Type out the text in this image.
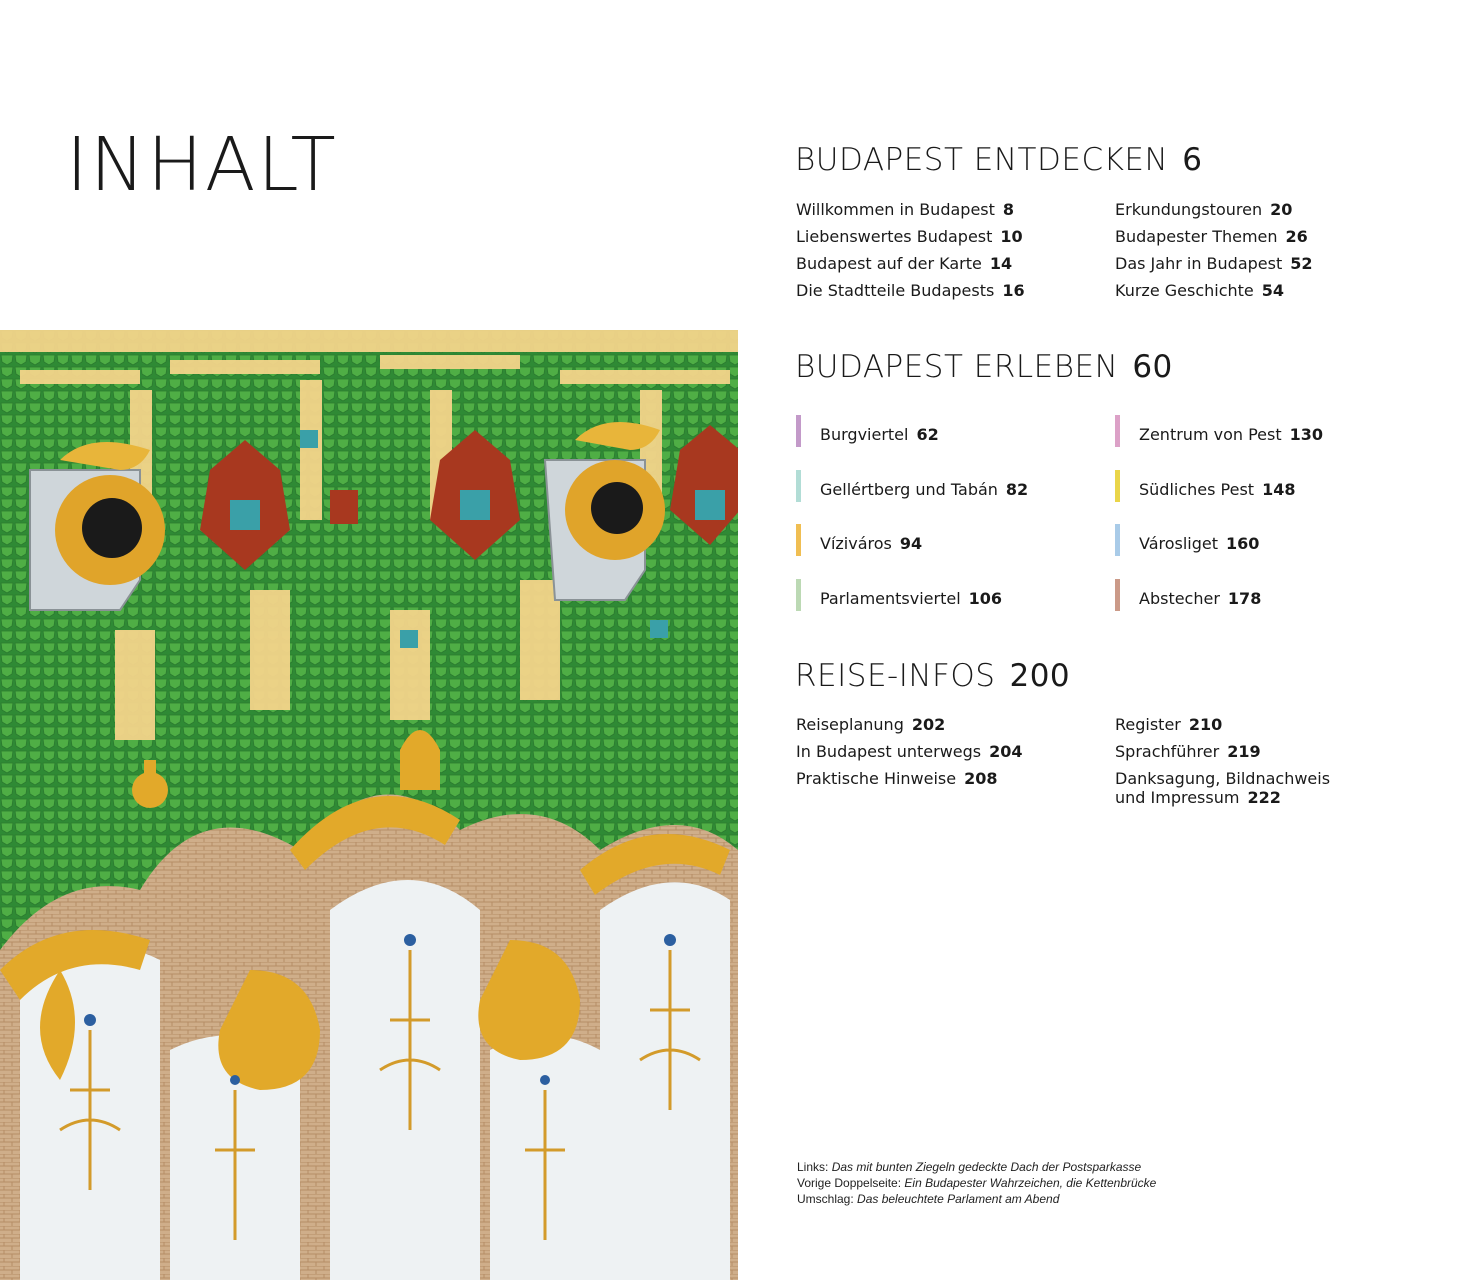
INHALT	BUDAPEST ENTDECKEN 6
Willkommen in Budapest 8
Liebenswertes Budapest 10
Budapest auf der Karte 14
Die Stadtteile Budapests 16
Erkundungstouren 20
Budapester Themen 26
Das Jahr in Budapest 52
Kurze Geschichte 54
BUDAPEST ERLEBEN 60
Burgviertel 62
Gellértberg und Tabán 82
Víziváros 94
Parlamentsviertel 106
Zentrum von Pest 130
Südliches Pest 148
Városliget 160
Abstecher 178
REISE-INFOS 200
Reiseplanung 202
In Budapest unterwegs 204
Praktische Hinweise 208
Register 210
Sprachführer 219
Danksagung, Bildnachweis
und Impressum 222
Links: Das mit bunten Ziegeln gedeckte Dach der Postsparkasse
Vorige Doppelseite: Ein Budapester Wahrzeichen, die Kettenbrücke
Umschlag: Das beleuchtete Parlament am Abend
